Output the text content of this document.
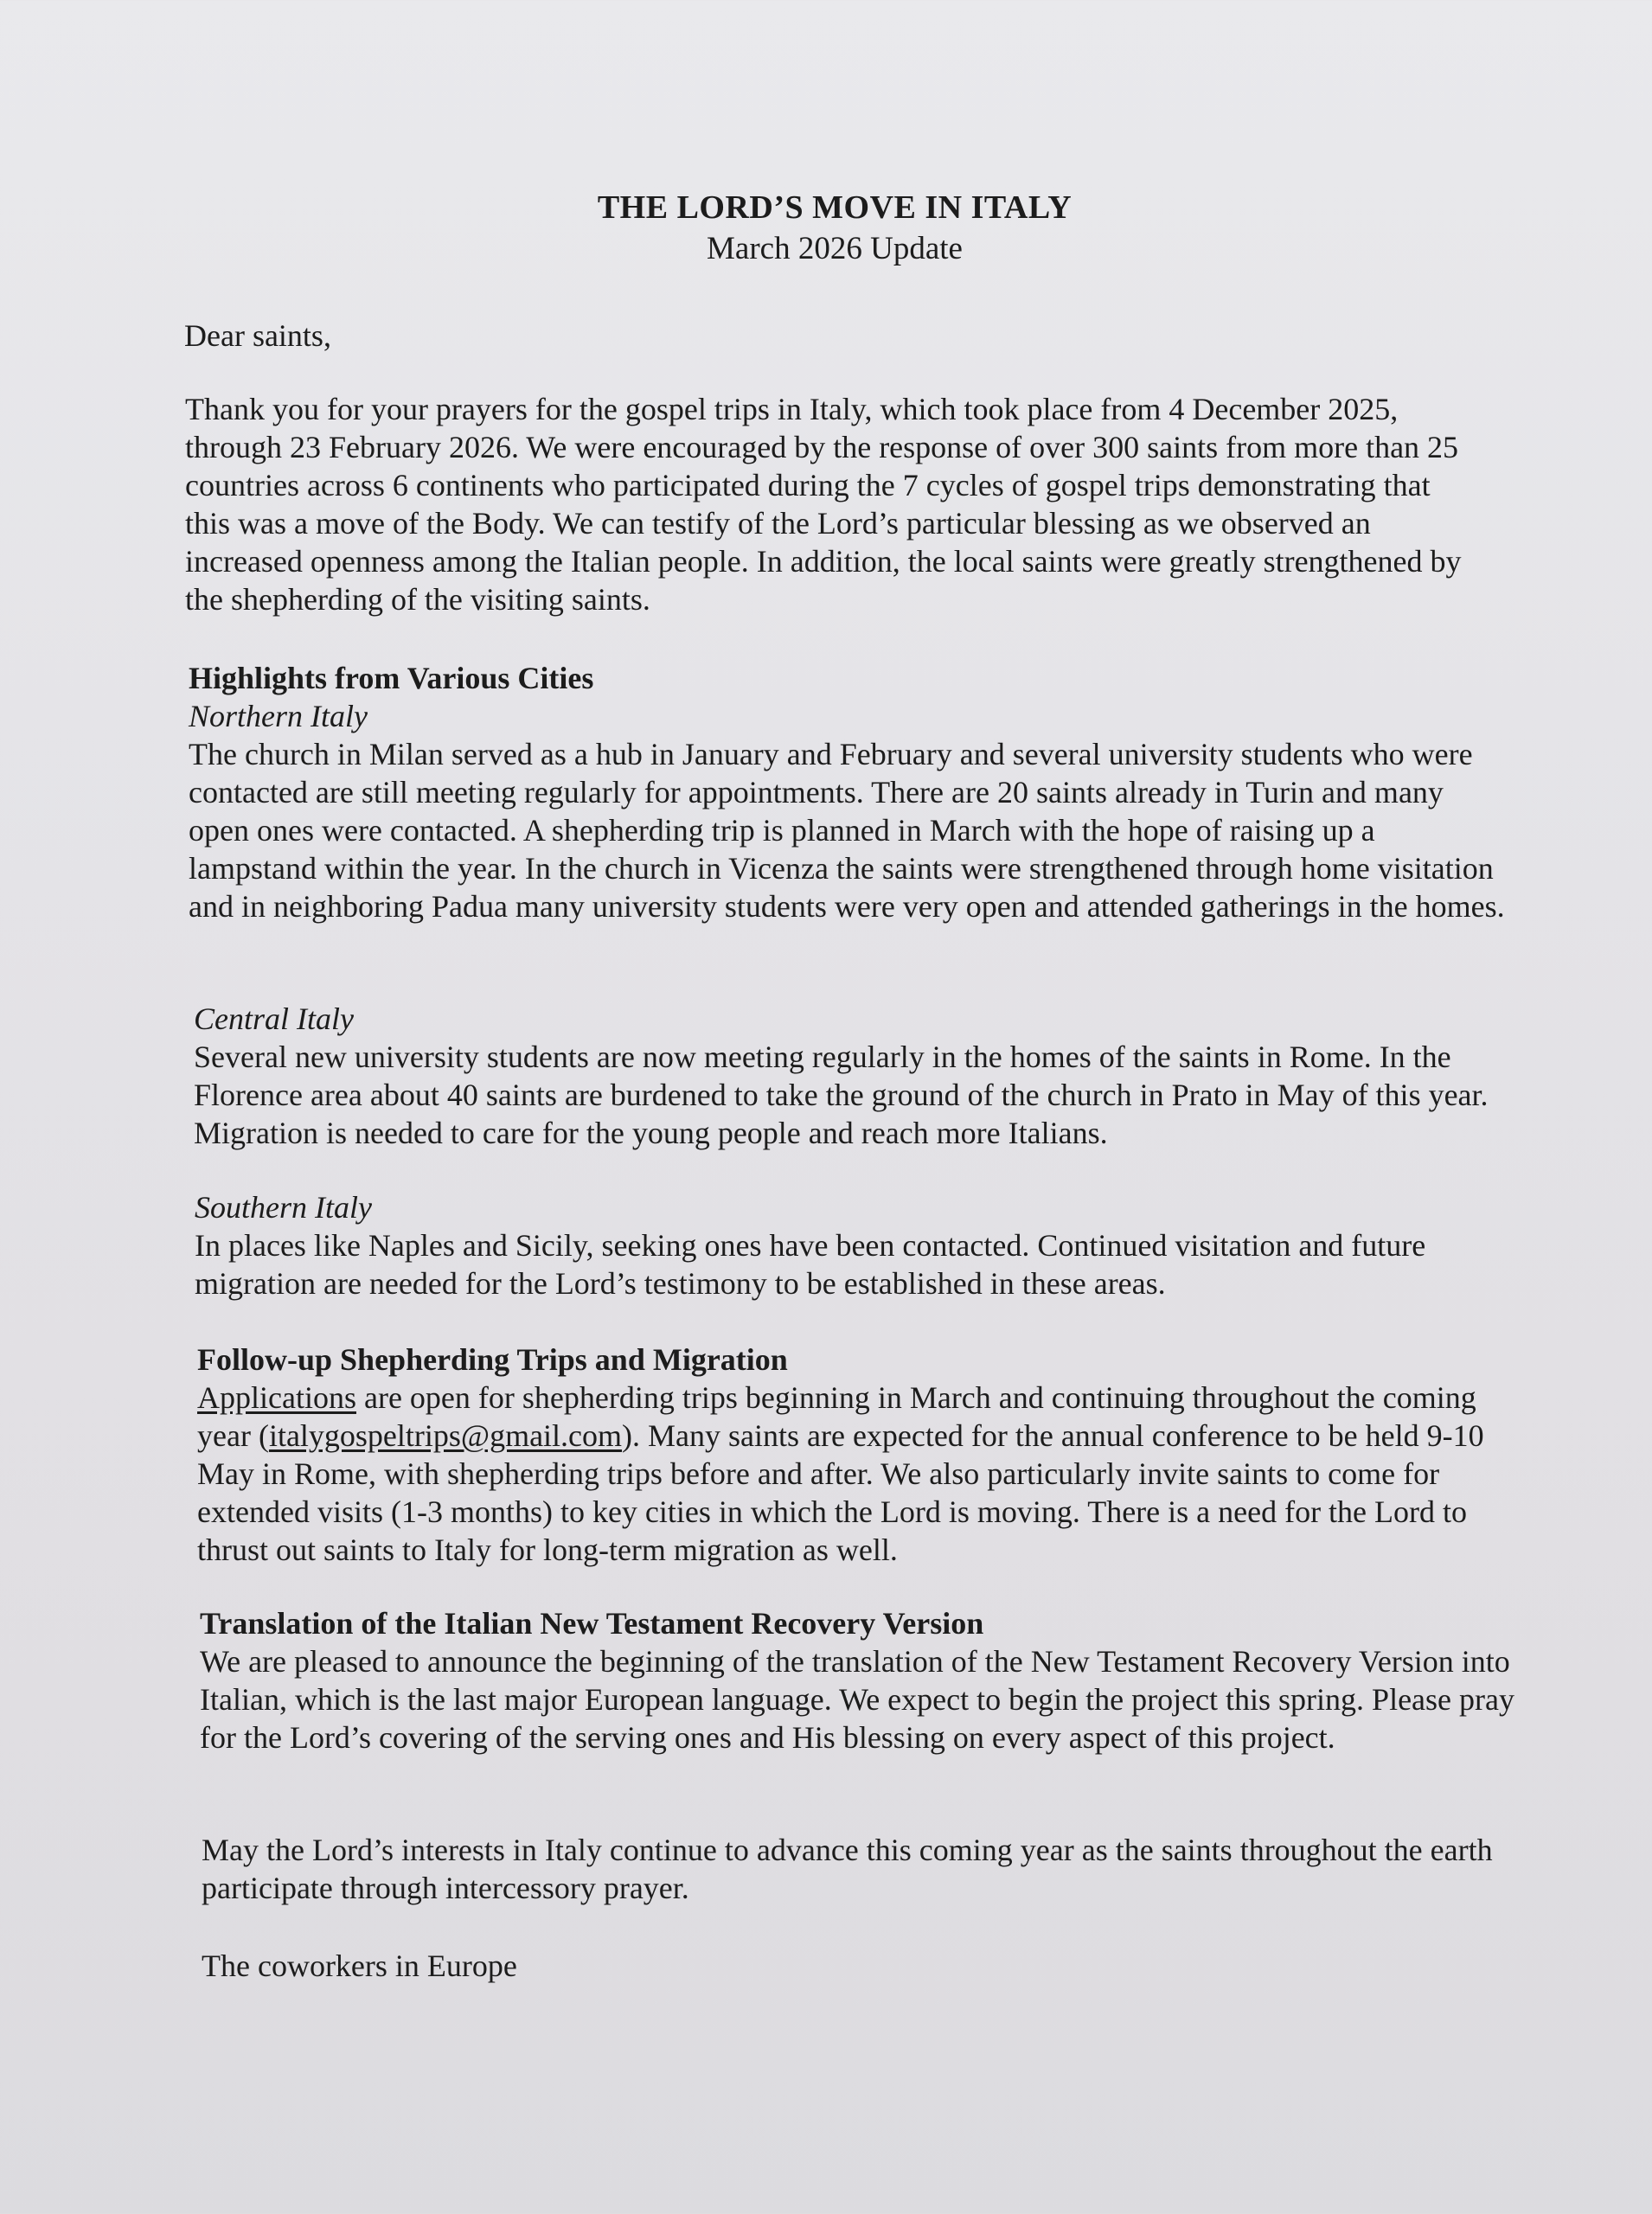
THE LORD’S MOVE IN ITALY
March 2026 Update

Dear saints,

Thank you for your prayers for the gospel trips in Italy, which took place from 4 December 2025, through 23 February 2026. We were encouraged by the response of over 300 saints from more than 25 countries across 6 continents who participated during the 7 cycles of gospel trips demonstrating that this was a move of the Body. We can testify of the Lord’s particular blessing as we observed an increased openness among the Italian people. In addition, the local saints were greatly strengthened by the shepherding of the visiting saints.

Highlights from Various Cities

Northern Italy

The church in Milan served as a hub in January and February and several university students who were contacted are still meeting regularly for appointments. There are 20 saints already in Turin and many open ones were contacted. A shepherding trip is planned in March with the hope of raising up a lampstand within the year. In the church in Vicenza the saints were strengthened through home visitation and in neighboring Padua many university students were very open and attended gatherings in the homes.

Central Italy

Several new university students are now meeting regularly in the homes of the saints in Rome. In the Florence area about 40 saints are burdened to take the ground of the church in Prato in May of this year. Migration is needed to care for the young people and reach more Italians.

Southern Italy

In places like Naples and Sicily, seeking ones have been contacted. Continued visitation and future migration are needed for the Lord’s testimony to be established in these areas.

Follow-up Shepherding Trips and Migration

Applications are open for shepherding trips beginning in March and continuing throughout the coming year (italygospeltrips@gmail.com). Many saints are expected for the annual conference to be held 9-10 May in Rome, with shepherding trips before and after. We also particularly invite saints to come for extended visits (1-3 months) to key cities in which the Lord is moving. There is a need for the Lord to thrust out saints to Italy for long-term migration as well.

Translation of the Italian New Testament Recovery Version

We are pleased to announce the beginning of the translation of the New Testament Recovery Version into Italian, which is the last major European language. We expect to begin the project this spring. Please pray for the Lord’s covering of the serving ones and His blessing on every aspect of this project.

May the Lord’s interests in Italy continue to advance this coming year as the saints throughout the earth participate through intercessory prayer.

The coworkers in Europe
